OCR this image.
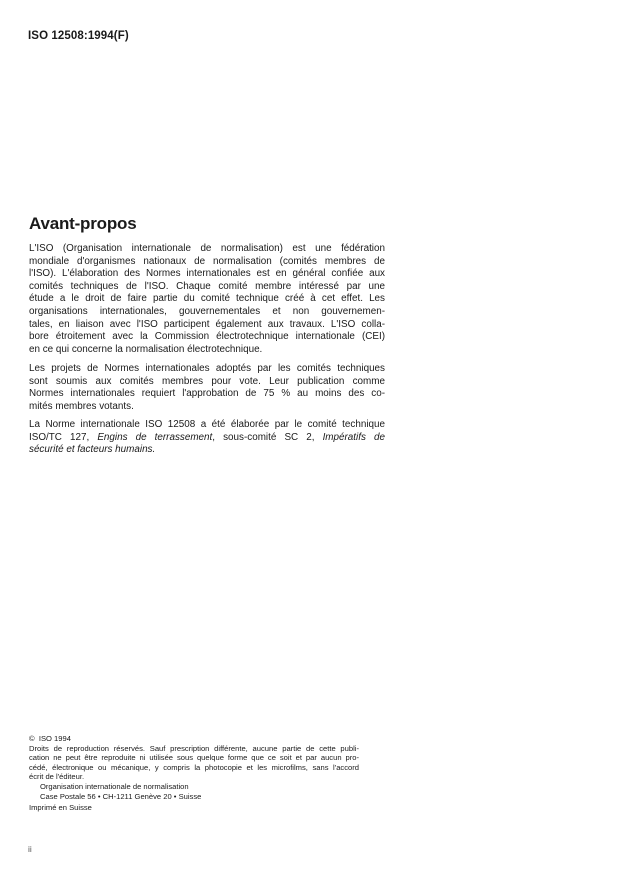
ISO 12508:1994(F)
Avant-propos
L'ISO (Organisation internationale de normalisation) est une fédération
mondiale d'organismes nationaux de normalisation (comités membres de
l'ISO). L'élaboration des Normes internationales est en général confiée aux
comités techniques de l'ISO. Chaque comité membre intéressé par une
étude a le droit de faire partie du comité technique créé à cet effet. Les
organisations internationales, gouvernementales et non gouvernemen-
tales, en liaison avec l'ISO participent également aux travaux. L'ISO colla-
bore étroitement avec la Commission électrotechnique internationale (CEI)
en ce qui concerne la normalisation électrotechnique.
Les projets de Normes internationales adoptés par les comités techniques
sont soumis aux comités membres pour vote. Leur publication comme
Normes internationales requiert l'approbation de 75 % au moins des co-
mités membres votants.
La Norme internationale ISO 12508 a été élaborée par le comité technique
ISO/TC 127, Engins de terrassement, sous-comité SC 2, Impératifs de
sécurité et facteurs humains.
© ISO 1994
Droits de reproduction réservés. Sauf prescription différente, aucune partie de cette publi-
cation ne peut être reproduite ni utilisée sous quelque forme que ce soit et par aucun pro-
cédé, électronique ou mécanique, y compris la photocopie et les microfilms, sans l'accord
écrit de l'éditeur.
Organisation internationale de normalisation
Case Postale 56 • CH-1211 Genève 20 • Suisse
Imprimé en Suisse
ii
